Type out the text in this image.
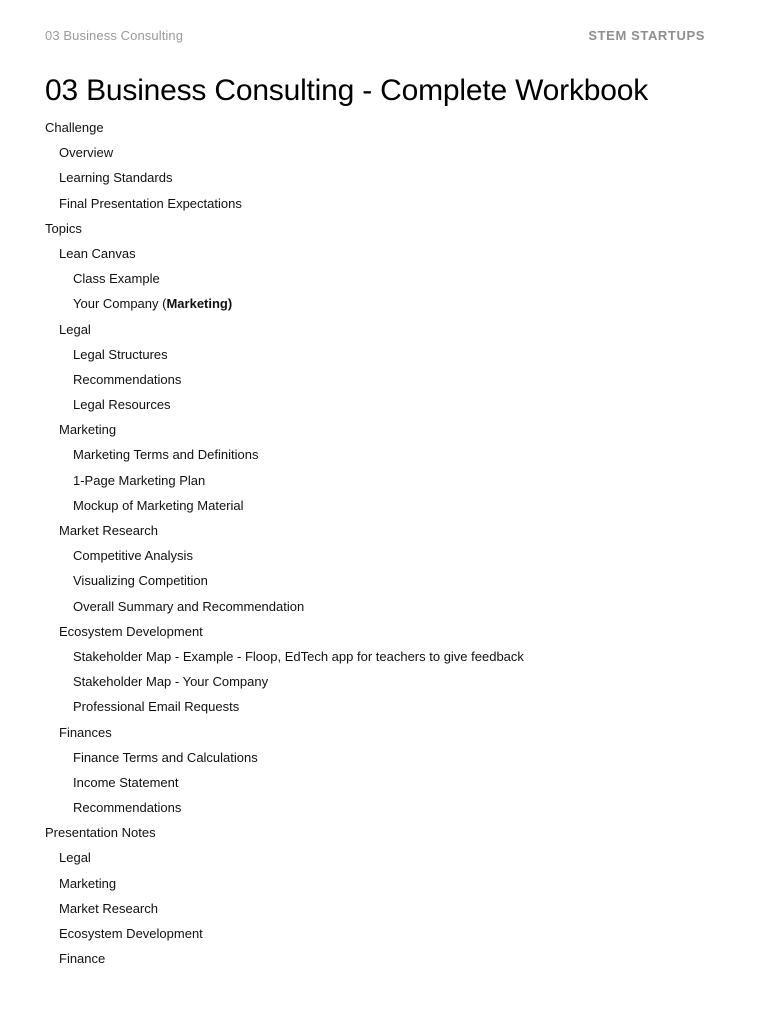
03 Business Consulting	STEM STARTUPS
03 Business Consulting - Complete Workbook
Challenge
Overview
Learning Standards
Final Presentation Expectations
Topics
Lean Canvas
Class Example
Your Company (Marketing)
Legal
Legal Structures
Recommendations
Legal Resources
Marketing
Marketing Terms and Definitions
1-Page Marketing Plan
Mockup of Marketing Material
Market Research
Competitive Analysis
Visualizing Competition
Overall Summary and Recommendation
Ecosystem Development
Stakeholder Map - Example - Floop, EdTech app for teachers to give feedback
Stakeholder Map - Your Company
Professional Email Requests
Finances
Finance Terms and Calculations
Income Statement
Recommendations
Presentation Notes
Legal
Marketing
Market Research
Ecosystem Development
Finance
